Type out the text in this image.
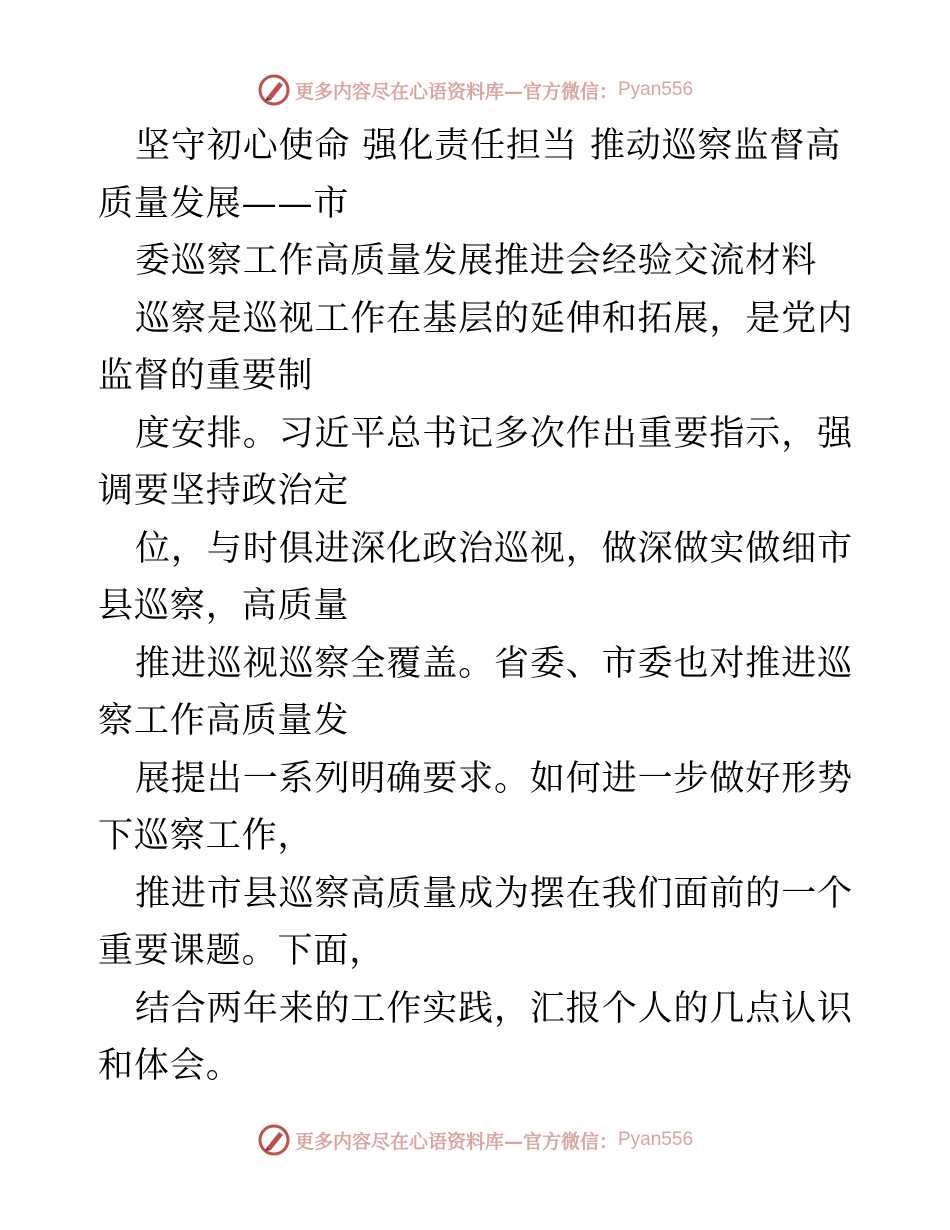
更多内容尽在心语资料库—官方微信： Pyan556

坚守初心使命 强化责任担当 推动巡察监督高质量发展——市

委巡察工作高质量发展推进会经验交流材料

巡察是巡视工作在基层的延伸和拓展，是党内监督的重要制

度安排。习近平总书记多次作出重要指示，强调要坚持政治定

位，与时俱进深化政治巡视，做深做实做细市县巡察，高质量

推进巡视巡察全覆盖。省委、市委也对推进巡察工作高质量发

展提出一系列明确要求。如何进一步做好形势下巡察工作，

推进市县巡察高质量成为摆在我们面前的一个重要课题。下面，

结合两年来的工作实践，汇报个人的几点认识和体会。

更多内容尽在心语资料库—官方微信： Pyan556
